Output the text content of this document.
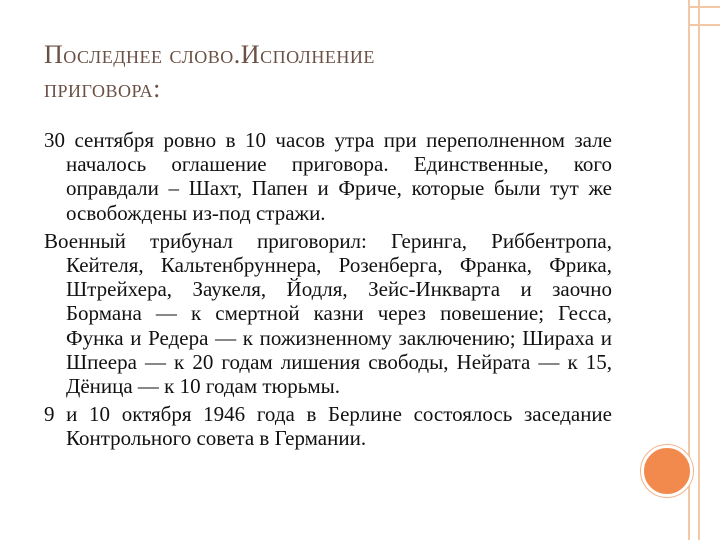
Последнее слово.Исполнение
приговора:

30 сентября ровно в 10 часов утра при переполненном зале началось оглашение приговора. Единственные, кого оправдали – Шахт, Папен и Фриче, которые были тут же освобождены из-под стражи.

Военный трибунал приговорил: Геринга, Риббентропа, Кейтеля, Кальтенбруннера, Розенберга, Франка, Фрика, Штрейхера, Заукеля, Йодля, Зейс-Инкварта и заочно Бормана — к смертной казни через повешение; Гесса, Функа и Редера — к пожизненному заключению; Шираха и Шпеера — к 20 годам лишения свободы, Нейрата — к 15, Дёница — к 10 годам тюрьмы.

9 и 10 октября 1946 года в Берлине состоялось заседание Контрольного совета в Германии.
